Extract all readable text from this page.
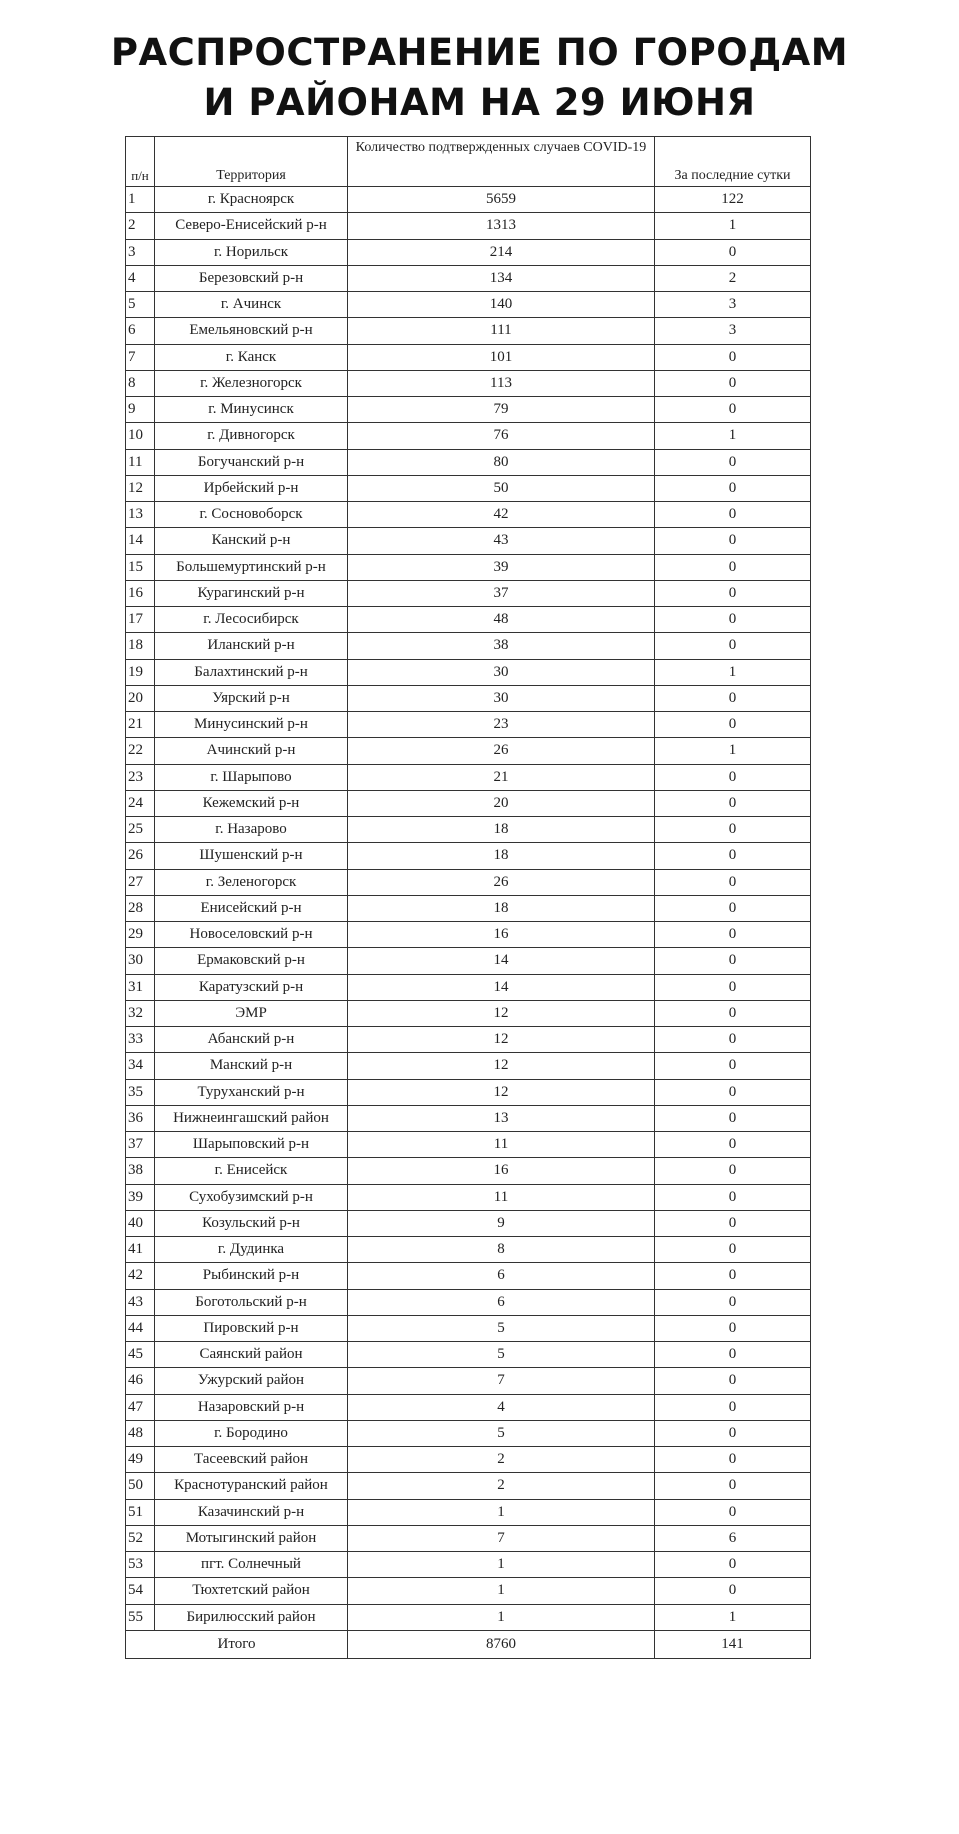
РАСПРОСТРАНЕНИЕ ПО ГОРОДАМ
И РАЙОНАМ НА 29 ИЮНЯ
п/н	Территория	Количество подтвержденных случаев COVID-19	За последние сутки
1	г. Красноярск	5659	122
2	Северо-Енисейский р-н	1313	1
3	г. Норильск	214	0
4	Березовский р-н	134	2
5	г. Ачинск	140	3
6	Емельяновский р-н	111	3
7	г. Канск	101	0
8	г. Железногорск	113	0
9	г. Минусинск	79	0
10	г. Дивногорск	76	1
11	Богучанский р-н	80	0
12	Ирбейский р-н	50	0
13	г. Сосновоборск	42	0
14	Канский р-н	43	0
15	Большемуртинский р-н	39	0
16	Курагинский р-н	37	0
17	г. Лесосибирск	48	0
18	Иланский р-н	38	0
19	Балахтинский р-н	30	1
20	Уярский р-н	30	0
21	Минусинский р-н	23	0
22	Ачинский р-н	26	1
23	г. Шарыпово	21	0
24	Кежемский р-н	20	0
25	г. Назарово	18	0
26	Шушенский р-н	18	0
27	г. Зеленогорск	26	0
28	Енисейский р-н	18	0
29	Новоселовский р-н	16	0
30	Ермаковский р-н	14	0
31	Каратузский р-н	14	0
32	ЭМР	12	0
33	Абанский р-н	12	0
34	Манский р-н	12	0
35	Туруханский р-н	12	0
36	Нижнеингашский район	13	0
37	Шарыповский р-н	11	0
38	г. Енисейск	16	0
39	Сухобузимский р-н	11	0
40	Козульский р-н	9	0
41	г. Дудинка	8	0
42	Рыбинский р-н	6	0
43	Боготольский р-н	6	0
44	Пировский р-н	5	0
45	Саянский район	5	0
46	Ужурский район	7	0
47	Назаровский р-н	4	0
48	г. Бородино	5	0
49	Тасеевский район	2	0
50	Краснотуранский район	2	0
51	Казачинский р-н	1	0
52	Мотыгинский район	7	6
53	пгт. Солнечный	1	0
54	Тюхтетский район	1	0
55	Бирилюсский район	1	1
Итого		8760	141
